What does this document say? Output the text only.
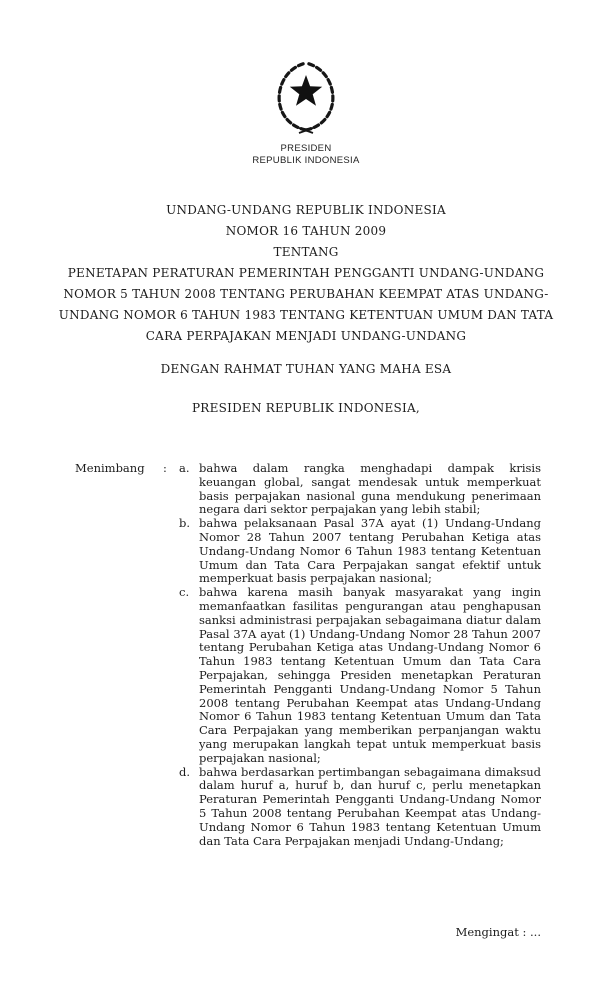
PRESIDEN
REPUBLIK INDONESIA
UNDANG-UNDANG REPUBLIK INDONESIA
NOMOR 16 TAHUN 2009
TENTANG
PENETAPAN PERATURAN PEMERINTAH PENGGANTI UNDANG-UNDANG NOMOR 5 TAHUN 2008 TENTANG PERUBAHAN KEEMPAT ATAS UNDANG-UNDANG NOMOR 6 TAHUN 1983 TENTANG KETENTUAN UMUM DAN TATA CARA PERPAJAKAN MENJADI UNDANG-UNDANG
DENGAN RAHMAT TUHAN YANG MAHA ESA
PRESIDEN REPUBLIK INDONESIA,
Menimbang	:	a. bahwa dalam rangka menghadapi dampak krisis keuangan global, sangat mendesak untuk memperkuat basis perpajakan nasional guna mendukung penerimaan negara dari sektor perpajakan yang lebih stabil;
b. bahwa pelaksanaan Pasal 37A ayat (1) Undang-Undang Nomor 28 Tahun 2007 tentang Perubahan Ketiga atas Undang-Undang Nomor 6 Tahun 1983 tentang Ketentuan Umum dan Tata Cara Perpajakan sangat efektif untuk memperkuat basis perpajakan nasional;
c. bahwa karena masih banyak masyarakat yang ingin memanfaatkan fasilitas pengurangan atau penghapusan sanksi administrasi perpajakan sebagaimana diatur dalam Pasal 37A ayat (1) Undang-Undang Nomor 28 Tahun 2007 tentang Perubahan Ketiga atas Undang-Undang Nomor 6 Tahun 1983 tentang Ketentuan Umum dan Tata Cara Perpajakan, sehingga Presiden menetapkan Peraturan Pemerintah Pengganti Undang-Undang Nomor 5 Tahun 2008 tentang Perubahan Keempat atas Undang-Undang Nomor 6 Tahun 1983 tentang Ketentuan Umum dan Tata Cara Perpajakan yang memberikan perpanjangan waktu yang merupakan langkah tepat untuk memperkuat basis perpajakan nasional;
d. bahwa berdasarkan pertimbangan sebagaimana dimaksud dalam huruf a, huruf b, dan huruf c, perlu menetapkan Peraturan Pemerintah Pengganti Undang-Undang Nomor 5 Tahun 2008 tentang Perubahan Keempat atas Undang-Undang Nomor 6 Tahun 1983 tentang Ketentuan Umum dan Tata Cara Perpajakan menjadi Undang-Undang;
Mengingat : ...
